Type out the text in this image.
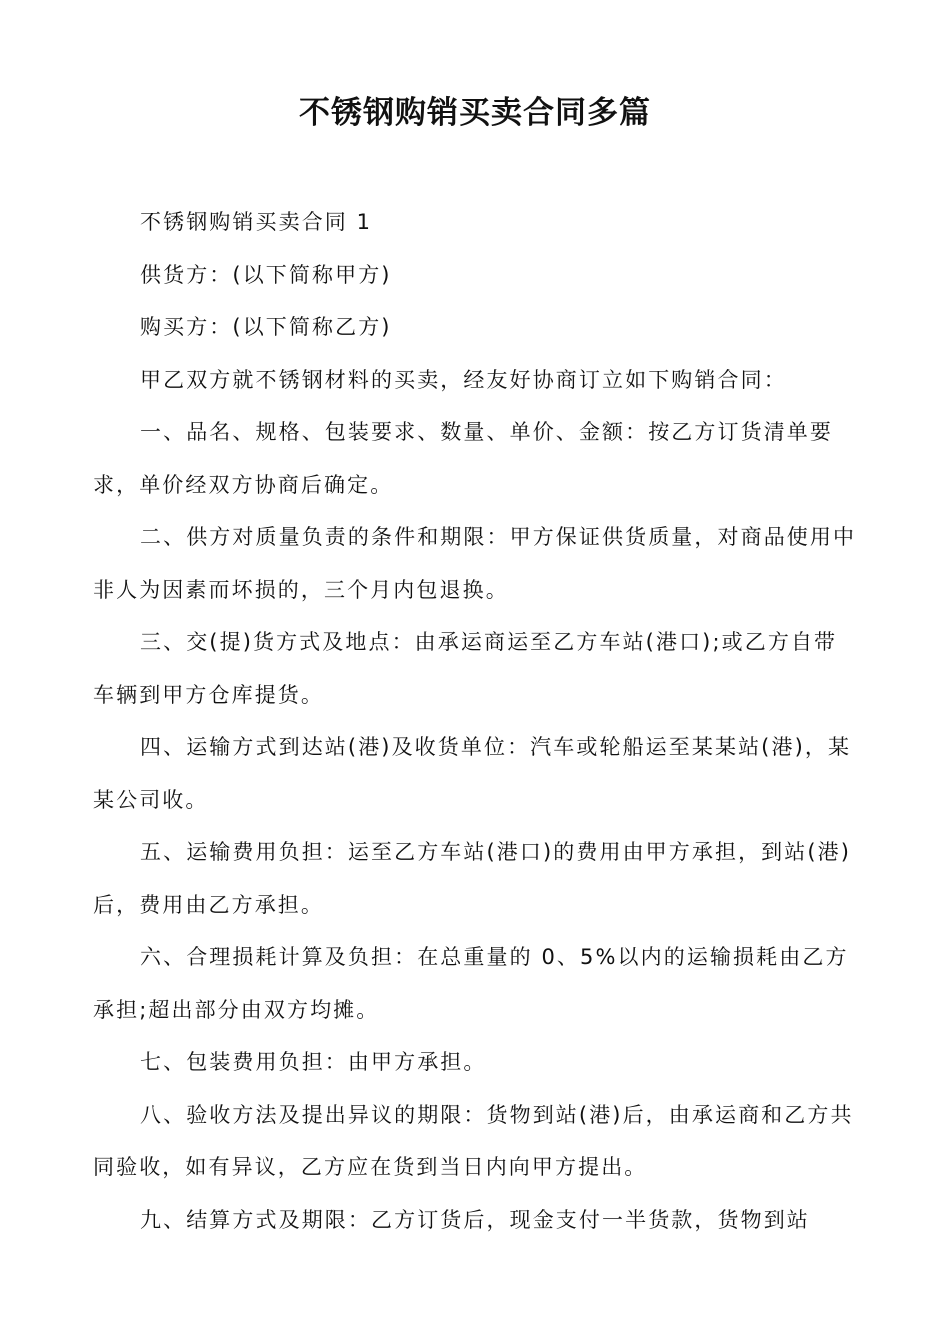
不锈钢购销买卖合同多篇

不锈钢购销买卖合同 1

供货方：(以下简称甲方)

购买方：(以下简称乙方)

甲乙双方就不锈钢材料的买卖，经友好协商订立如下购销合同：

一、品名、规格、包装要求、数量、单价、金额：按乙方订货清单要求，单价经双方协商后确定。

二、供方对质量负责的条件和期限：甲方保证供货质量，对商品使用中非人为因素而坏损的，三个月内包退换。

三、交(提)货方式及地点：由承运商运至乙方车站(港口);或乙方自带车辆到甲方仓库提货。

四、运输方式到达站(港)及收货单位：汽车或轮船运至某某站(港)，某某公司收。

五、运输费用负担：运至乙方车站(港口)的费用由甲方承担，到站(港)后，费用由乙方承担。

六、合理损耗计算及负担：在总重量的 0、5%以内的运输损耗由乙方承担;超出部分由双方均摊。

七、包装费用负担：由甲方承担。

八、验收方法及提出异议的期限：货物到站(港)后，由承运商和乙方共同验收，如有异议，乙方应在货到当日内向甲方提出。

九、结算方式及期限：乙方订货后，现金支付一半货款，货物到站
